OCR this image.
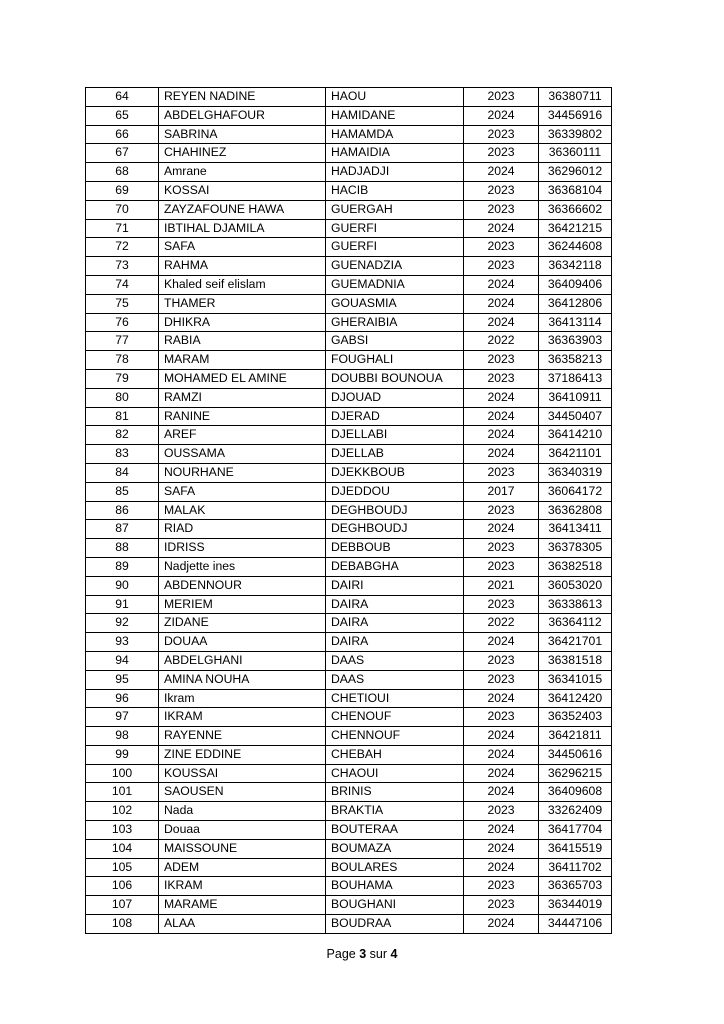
64	REYEN NADINE	HAOU	2023	36380711
65	ABDELGHAFOUR	HAMIDANE	2024	34456916
66	SABRINA	HAMAMDA	2023	36339802
67	CHAHINEZ	HAMAIDIA	2023	36360111
68	Amrane	HADJADJI	2024	36296012
69	KOSSAI	HACIB	2023	36368104
70	ZAYZAFOUNE HAWA	GUERGAH	2023	36366602
71	IBTIHAL DJAMILA	GUERFI	2024	36421215
72	SAFA	GUERFI	2023	36244608
73	RAHMA	GUENADZIA	2023	36342118
74	Khaled seif elislam	GUEMADNIA	2024	36409406
75	THAMER	GOUASMIA	2024	36412806
76	DHIKRA	GHERAIBIA	2024	36413114
77	RABIA	GABSI	2022	36363903
78	MARAM	FOUGHALI	2023	36358213
79	MOHAMED EL AMINE	DOUBBI BOUNOUA	2023	37186413
80	RAMZI	DJOUAD	2024	36410911
81	RANINE	DJERAD	2024	34450407
82	AREF	DJELLABI	2024	36414210
83	OUSSAMA	DJELLAB	2024	36421101
84	NOURHANE	DJEKKBOUB	2023	36340319
85	SAFA	DJEDDOU	2017	36064172
86	MALAK	DEGHBOUDJ	2023	36362808
87	RIAD	DEGHBOUDJ	2024	36413411
88	IDRISS	DEBBOUB	2023	36378305
89	Nadjette ines	DEBABGHA	2023	36382518
90	ABDENNOUR	DAIRI	2021	36053020
91	MERIEM	DAIRA	2023	36338613
92	ZIDANE	DAIRA	2022	36364112
93	DOUAA	DAIRA	2024	36421701
94	ABDELGHANI	DAAS	2023	36381518
95	AMINA NOUHA	DAAS	2023	36341015
96	Ikram	CHETIOUI	2024	36412420
97	IKRAM	CHENOUF	2023	36352403
98	RAYENNE	CHENNOUF	2024	36421811
99	ZINE EDDINE	CHEBAH	2024	34450616
100	KOUSSAI	CHAOUI	2024	36296215
101	SAOUSEN	BRINIS	2024	36409608
102	Nada	BRAKTIA	2023	33262409
103	Douaa	BOUTERAA	2024	36417704
104	MAISSOUNE	BOUMAZA	2024	36415519
105	ADEM	BOULARES	2024	36411702
106	IKRAM	BOUHAMA	2023	36365703
107	MARAME	BOUGHANI	2023	36344019
108	ALAA	BOUDRAA	2024	34447106
Page 3 sur 4
